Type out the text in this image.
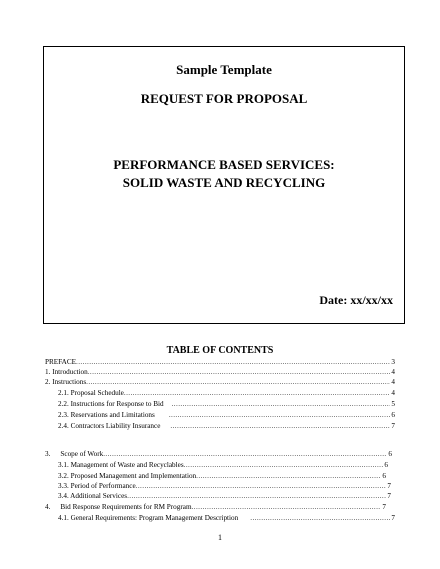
Sample Template
REQUEST FOR PROPOSAL
PERFORMANCE BASED SERVICES:
SOLID WASTE AND RECYCLING
Date: xx/xx/xx
TABLE OF CONTENTS
PREFACE .....	3
1. Introduction .....	4
2. Instructions .....	4
2.1. Proposal Schedule .....	4
2.2. Instructions for Response to Bid .....	5
2.3. Reservations and Limitations .....	6
2.4. Contractors Liability Insurance .....	7
3. Scope of Work .....	6
3.1. Management of Waste and Recyclables .....	6
3.2. Proposed Management and Implementation .....	6
3.3. Period of Performance .....	7
3.4. Additional Services .....	7
4. Bid Response Requirements for RM Program .....	7
4.1. General Requirements: Program Management Description .....	7
1
